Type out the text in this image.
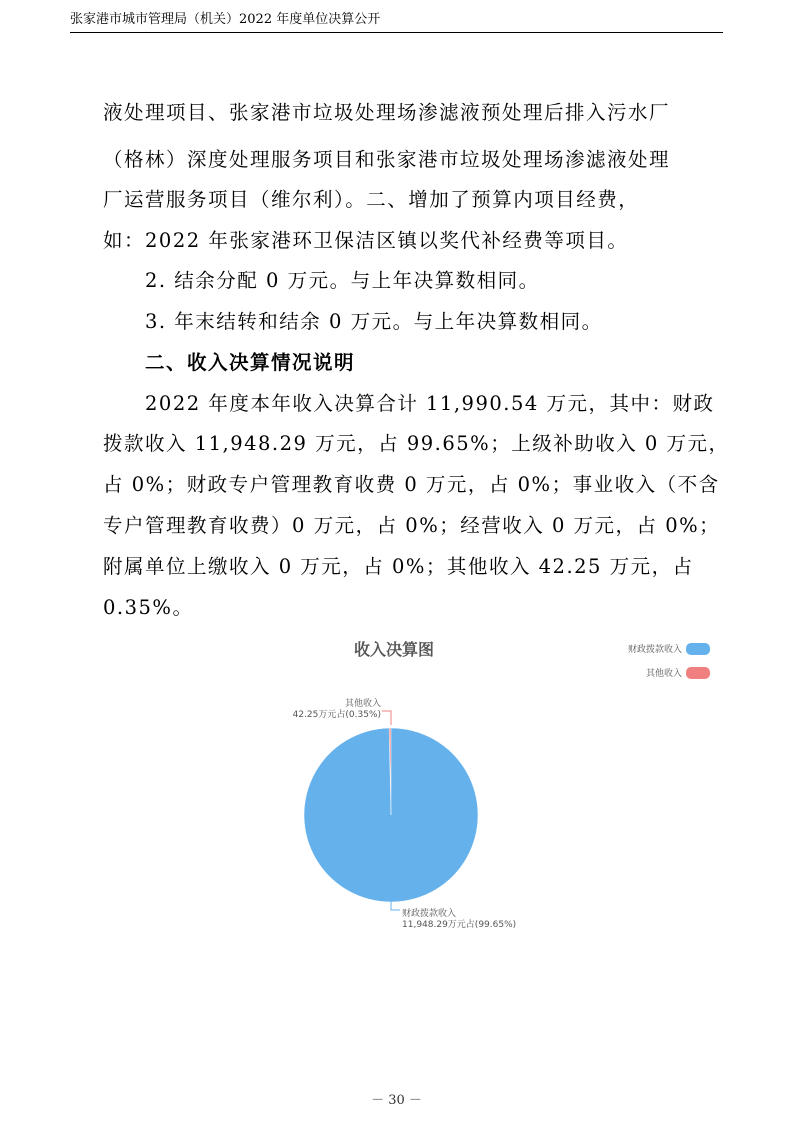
张家港市城市管理局（机关）2022 年度单位决算公开
液处理项目、张家港市垃圾处理场渗滤液预处理后排入污水厂
（格林）深度处理服务项目和张家港市垃圾处理场渗滤液处理
厂运营服务项目（维尔利）。二、增加了预算内项目经费，
如：2022 年张家港环卫保洁区镇以奖代补经费等项目。
2. 结余分配 0 万元。与上年决算数相同。
3. 年末结转和结余 0 万元。与上年决算数相同。
二、收入决算情况说明
2022 年度本年收入决算合计 11,990.54 万元，其中：财政
拨款收入 11,948.29 万元，占 99.65%；上级补助收入 0 万元，
占 0%；财政专户管理教育收费 0 万元，占 0%；事业收入（不含
专户管理教育收费）0 万元，占 0%；经营收入 0 万元，占 0%；
附属单位上缴收入 0 万元，占 0%；其他收入 42.25 万元，占
0.35%。
收入决算图	财政拨款收入
其他收入
其他收入
42.25万元占(0.35%)
财政拨款收入
11,948.29万元占(99.65%)
－ 30 －
